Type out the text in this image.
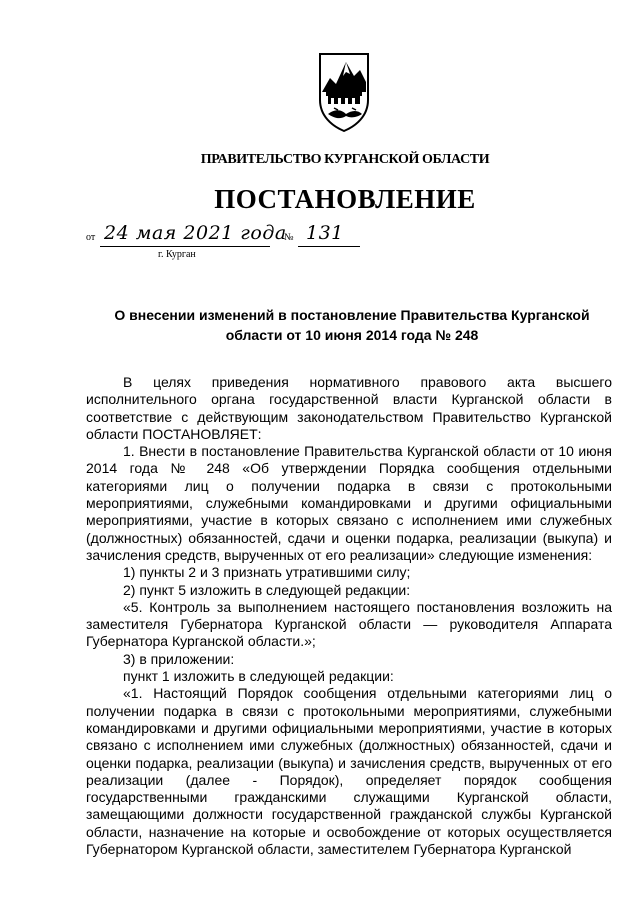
ПРАВИТЕЛЬСТВО КУРГАНСКОЙ ОБЛАСТИ
ПОСТАНОВЛЕНИЕ
от 24 мая 2021 года
№ 131
г. Курган
О внесении изменений в постановление Правительства Курганской области от 10 июня 2014 года № 248

В целях приведения нормативного правового акта высшего исполнительного органа государственной власти Курганской области в соответствие с действующим законодательством Правительство Курганской области ПОСТАНОВЛЯЕТ:

1. Внести в постановление Правительства Курганской области от 10 июня 2014 года № 248 «Об утверждении Порядка сообщения отдельными категориями лиц о получении подарка в связи с протокольными мероприятиями, служебными командировками и другими официальными мероприятиями, участие в которых связано с исполнением ими служебных (должностных) обязанностей, сдачи и оценки подарка, реализации (выкупа) и зачисления средств, вырученных от его реализации» следующие изменения:

1) пункты 2 и 3 признать утратившими силу;

2) пункт 5 изложить в следующей редакции:

«5. Контроль за выполнением настоящего постановления возложить на заместителя Губернатора Курганской области — руководителя Аппарата Губернатора Курганской области.»;

3) в приложении:

пункт 1 изложить в следующей редакции:

«1. Настоящий Порядок сообщения отдельными категориями лиц о получении подарка в связи с протокольными мероприятиями, служебными командировками и другими официальными мероприятиями, участие в которых связано с исполнением ими служебных (должностных) обязанностей, сдачи и оценки подарка, реализации (выкупа) и зачисления средств, вырученных от его реализации (далее - Порядок), определяет порядок сообщения государственными гражданскими служащими Курганской области, замещающими должности государственной гражданской службы Курганской области, назначение на которые и освобождение от которых осуществляется Губернатором Курганской области, заместителем Губернатора Курганской
